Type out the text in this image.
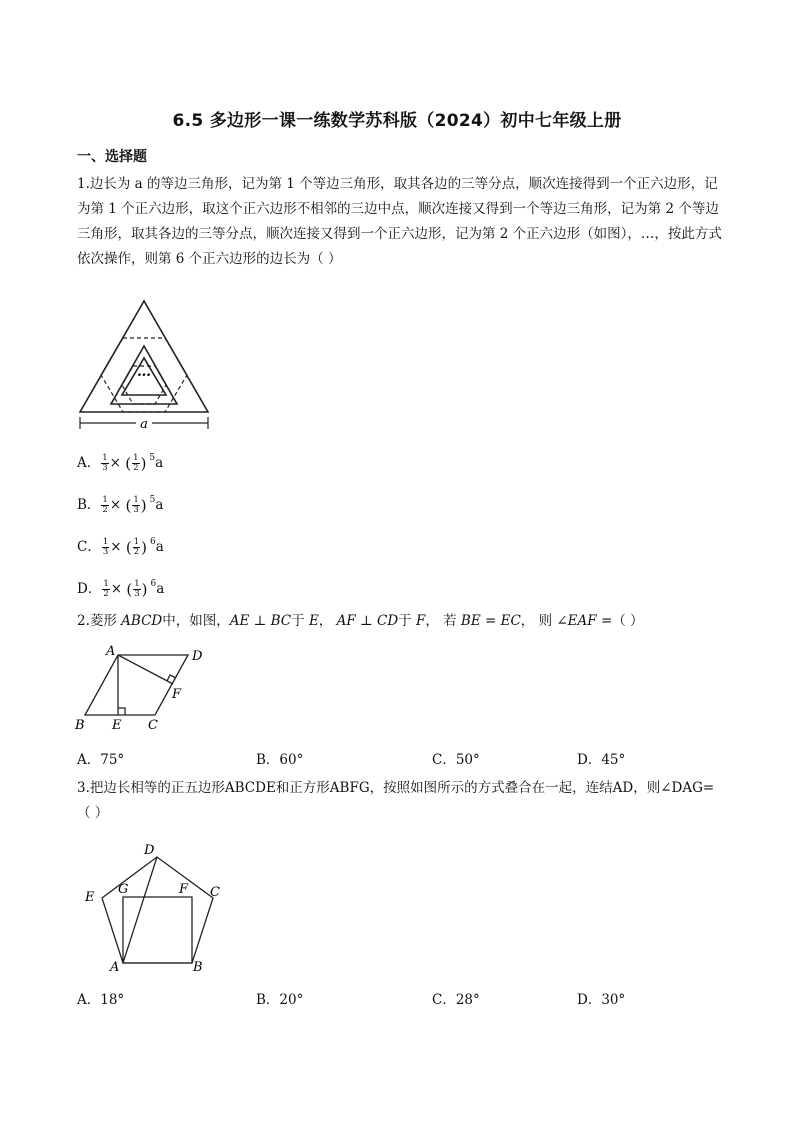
6.5 多边形一课一练数学苏科版（2024）初中七年级上册
一、选择题
1.边长为 a 的等边三角形，记为第 1 个等边三角形，取其各边的三等分点，顺次连接得到一个正六边形，记为第 1 个正六边形，取这个正六边形不相邻的三边中点，顺次连接又得到一个等边三角形，记为第 2 个等边三角形，取其各边的三等分点，顺次连接又得到一个正六边形，记为第 2 个正六边形（如图），…，按此方式依次操作，则第 6 个正六边形的边长为（ ）
…
a
A． $\frac{1}{3}$ × ( $\frac{1}{2}$ ) $^5$a
B． $\frac{1}{2}$ × ( $\frac{1}{3}$ ) $^5$a
C． $\frac{1}{3}$ × ( $\frac{1}{2}$ ) $^6$a
D． $\frac{1}{2}$ × ( $\frac{1}{3}$ ) $^6$a
2.菱形 ABCD中，如图，AE ⊥ BC于 E， AF ⊥ CD于 F， 若 BE = EC， 则 ∠EAF =（ ）
A	D
F
B E C
A．75°	B．60°	C．50°	D．45°
3.把边长相等的正五边形ABCDE和正方形ABFG，按照如图所示的方式叠合在一起，连结AD，则∠DAG=（ ）
D
E
G	F C
A	B
A．18°	B．20°	C．28°	D．30°
